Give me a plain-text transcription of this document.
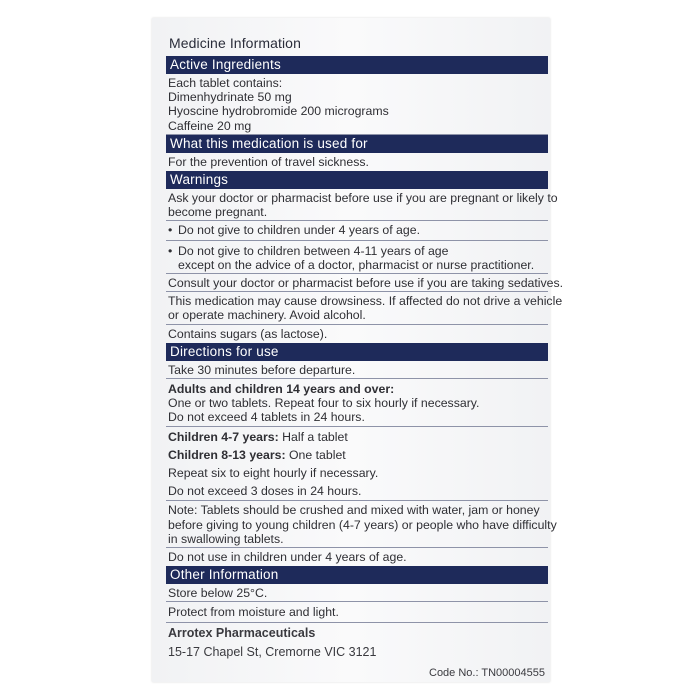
Medicine Information
Active Ingredients
Each tablet contains:
Dimenhydrinate 50 mg
Hyoscine hydrobromide 200 micrograms
Caffeine 20 mg
What this medication is used for
For the prevention of travel sickness.
Warnings
Ask your doctor or pharmacist before use if you are pregnant or likely to
become pregnant.
• Do not give to children under 4 years of age.
• Do not give to children between 4-11 years of age
except on the advice of a doctor, pharmacist or nurse practitioner.
Consult your doctor or pharmacist before use if you are taking sedatives.
This medication may cause drowsiness. If affected do not drive a vehicle
or operate machinery. Avoid alcohol.
Contains sugars (as lactose).
Directions for use
Take 30 minutes before departure.
Adults and children 14 years and over:
One or two tablets. Repeat four to six hourly if necessary.
Do not exceed 4 tablets in 24 hours.
Children 4-7 years: Half a tablet
Children 8-13 years: One tablet
Repeat six to eight hourly if necessary.
Do not exceed 3 doses in 24 hours.
Note: Tablets should be crushed and mixed with water, jam or honey
before giving to young children (4-7 years) or people who have difficulty
in swallowing tablets.
Do not use in children under 4 years of age.
Other Information
Store below 25°C.
Protect from moisture and light.
Arrotex Pharmaceuticals
15-17 Chapel St, Cremorne VIC 3121
Code No.: TN00004555
